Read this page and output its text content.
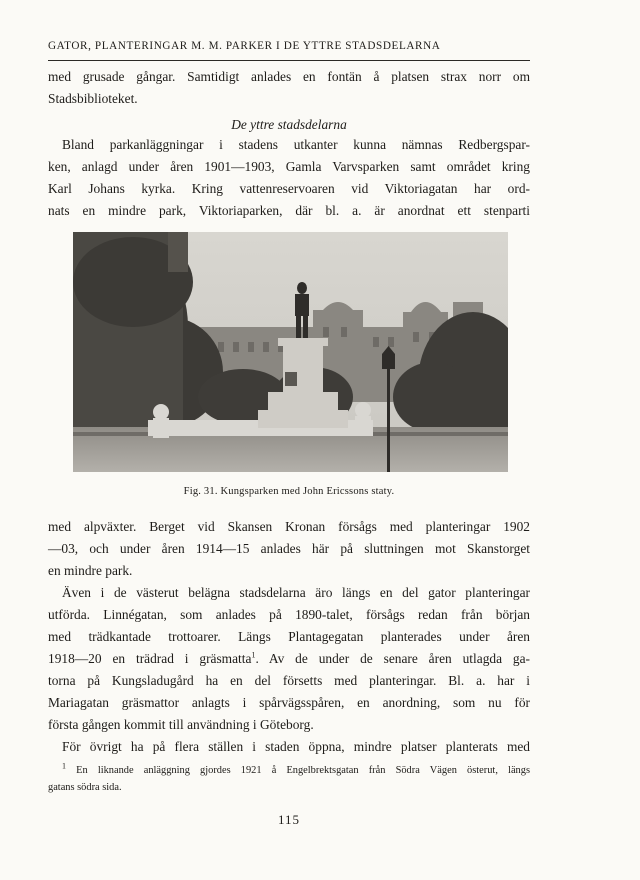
GATOR, PLANTERINGAR M. M. PARKER I DE YTTRE STADSDELARNA

med grusade gångar. Samtidigt anlades en fontän å platsen strax norr om
Stadsbiblioteket.

De yttre stadsdelarna

Bland parkanläggningar i stadens utkanter kunna nämnas Redbergspar-
ken, anlagd under åren 1901—1903, Gamla Varvsparken samt området kring
Karl Johans kyrka. Kring vattenreservoaren vid Viktoriagatan har ord-
nats en mindre park, Viktoriaparken, där bl. a. är anordnat ett stenparti

Fig. 31. Kungsparken med John Ericssons staty.

med alpväxter. Berget vid Skansen Kronan försågs med planteringar 1902
—03, och under åren 1914—15 anlades här på sluttningen mot Skanstorget
en mindre park.

Även i de västerut belägna stadsdelarna äro längs en del gator planteringar
utförda. Linnégatan, som anlades på 1890-talet, försågs redan från början
med trädkantade trottoarer. Längs Plantagegatan planterades under åren
1918—20 en trädrad i gräsmatta$^1$. Av de under de senare åren utlagda ga-
torna på Kungsladugård ha en del försetts med planteringar. Bl. a. har i
Mariagatan gräsmattor anlagts i spårvägsspåren, en anordning, som nu för
första gången kommit till användning i Göteborg.

För övrigt ha på flera ställen i staden öppna, mindre platser planterats med

$^1$ En liknande anläggning gjordes 1921 å Engelbrektsgatan från Södra Vägen österut, längs
gatans södra sida.
115
